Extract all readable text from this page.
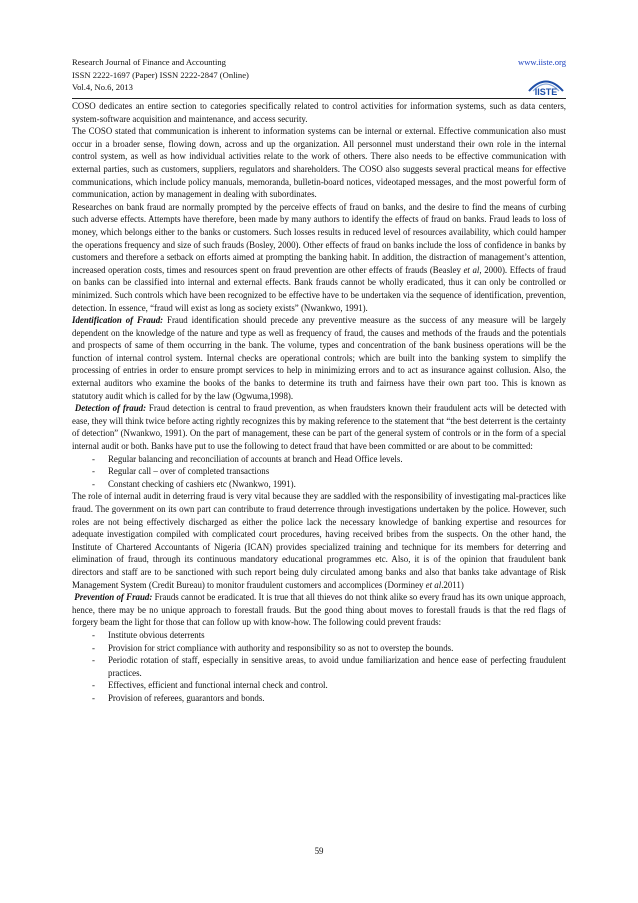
Research Journal of Finance and Accounting
ISSN 2222-1697 (Paper) ISSN 2222-2847 (Online)
Vol.4, No.6, 2013
www.iiste.org
IISTE

COSO dedicates an entire section to categories specifically related to control activities for information systems, such as data centers, system-software acquisition and maintenance, and access security.

The COSO stated that communication is inherent to information systems can be internal or external. Effective communication also must occur in a broader sense, flowing down, across and up the organization. All personnel must understand their own role in the internal control system, as well as how individual activities relate to the work of others. There also needs to be effective communication with external parties, such as customers, suppliers, regulators and shareholders. The COSO also suggests several practical means for effective communications, which include policy manuals, memoranda, bulletin-board notices, videotaped messages, and the most powerful form of communication, action by management in dealing with subordinates.

Researches on bank fraud are normally prompted by the perceive effects of fraud on banks, and the desire to find the means of curbing such adverse effects. Attempts have therefore, been made by many authors to identify the effects of fraud on banks. Fraud leads to loss of money, which belongs either to the banks or customers. Such losses results in reduced level of resources availability, which could hamper the operations frequency and size of such frauds (Bosley, 2000). Other effects of fraud on banks include the loss of confidence in banks by customers and therefore a setback on efforts aimed at prompting the banking habit. In addition, the distraction of management’s attention, increased operation costs, times and resources spent on fraud prevention are other effects of frauds (Beasley et al, 2000). Effects of fraud on banks can be classified into internal and external effects. Bank frauds cannot be wholly eradicated, thus it can only be controlled or minimized. Such controls which have been recognized to be effective have to be undertaken via the sequence of identification, prevention, detection. In essence, “fraud will exist as long as society exists” (Nwankwo, 1991).

Identification of Fraud: Fraud identification should precede any preventive measure as the success of any measure will be largely dependent on the knowledge of the nature and type as well as frequency of fraud, the causes and methods of the frauds and the potentials and prospects of same of them occurring in the bank. The volume, types and concentration of the bank business operations will be the function of internal control system. Internal checks are operational controls; which are built into the banking system to simplify the processing of entries in order to ensure prompt services to help in minimizing errors and to act as insurance against collusion. Also, the external auditors who examine the books of the banks to determine its truth and fairness have their own part too. This is known as statutory audit which is called for by the law (Ogwuma,1998).

Detection of fraud: Fraud detection is central to fraud prevention, as when fraudsters known their fraudulent acts will be detected with ease, they will think twice before acting rightly recognizes this by making reference to the statement that “the best deterrent is the certainty of detection” (Nwankwo, 1991). On the part of management, these can be part of the general system of controls or in the form of a special internal audit or both. Banks have put to use the following to detect fraud that have been committed or are about to be committed:

- Regular balancing and reconciliation of accounts at branch and Head Office levels.
- Regular call – over of completed transactions
- Constant checking of cashiers etc (Nwankwo, 1991).

The role of internal audit in deterring fraud is very vital because they are saddled with the responsibility of investigating mal-practices like fraud. The government on its own part can contribute to fraud deterrence through investigations undertaken by the police. However, such roles are not being effectively discharged as either the police lack the necessary knowledge of banking expertise and resources for adequate investigation compiled with complicated court procedures, having received bribes from the suspects. On the other hand, the Institute of Chartered Accountants of Nigeria (ICAN) provides specialized training and technique for its members for deterring and elimination of fraud, through its continuous mandatory educational programmes etc. Also, it is of the opinion that fraudulent bank directors and staff are to be sanctioned with such report being duly circulated among banks and also that banks take advantage of Risk Management System (Credit Bureau) to monitor fraudulent customers and accomplices (Dorminey et al.2011)

Prevention of Fraud: Frauds cannot be eradicated. It is true that all thieves do not think alike so every fraud has its own unique approach, hence, there may be no unique approach to forestall frauds. But the good thing about moves to forestall frauds is that the red flags of forgery beam the light for those that can follow up with know-how. The following could prevent frauds:

- Institute obvious deterrents
- Provision for strict compliance with authority and responsibility so as not to overstep the bounds.
- Periodic rotation of staff, especially in sensitive areas, to avoid undue familiarization and hence ease of perfecting fraudulent practices.
- Effectives, efficient and functional internal check and control.
- Provision of referees, guarantors and bonds.
59
